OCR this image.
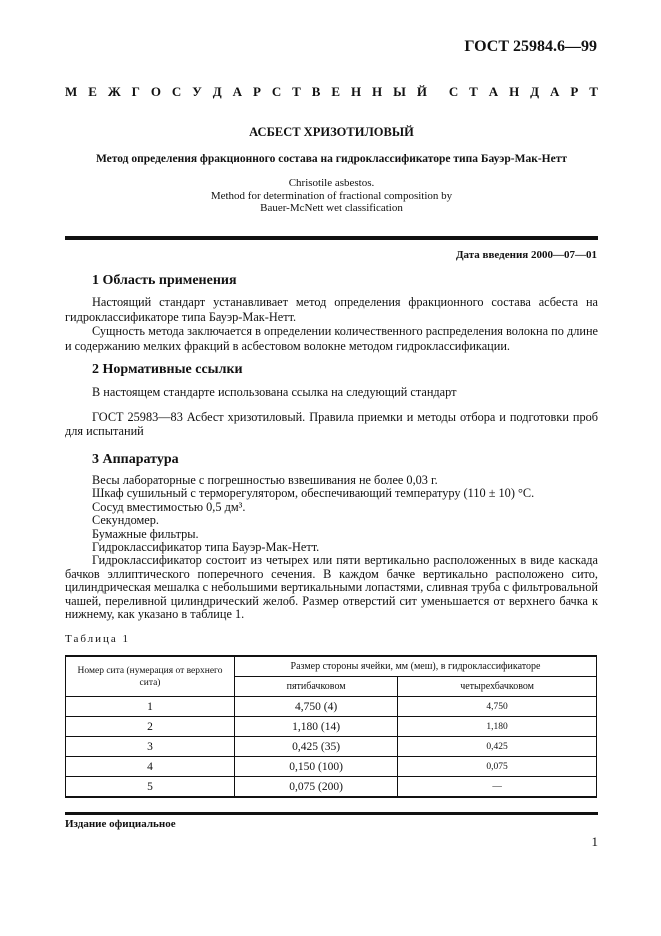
ГОСТ 25984.6—99
М Е Ж Г О С У Д А Р С Т В Е Н Н Ы Й С Т А Н Д А Р Т
АСБЕСТ ХРИЗОТИЛОВЫЙ
Метод определения фракционного состава на гидроклассификаторе типа Бауэр-Мак-Нетт
Chrisotile asbestos.
Method for determination of fractional composition by
Bauer-McNett wet classification
Дата введения 2000—07—01
1 Область применения
Настоящий стандарт устанавливает метод определения фракционного состава асбеста на гидроклассификаторе типа Бауэр-Мак-Нетт.
Сущность метода заключается в определении количественного распределения волокна по длине и содержанию мелких фракций в асбестовом волокне методом гидроклассификации.
2 Нормативные ссылки
В настоящем стандарте использована ссылка на следующий стандарт
ГОСТ 25983—83 Асбест хризотиловый. Правила приемки и методы отбора и подготовки проб для испытаний
3 Аппаратура
Весы лабораторные с погрешностью взвешивания не более 0,03 г.
Шкаф сушильный с терморегулятором, обеспечивающий температуру (110 ± 10) °С.
Сосуд вместимостью 0,5 дм³.
Секундомер.
Бумажные фильтры.
Гидроклассификатор типа Бауэр-Мак-Нетт.
Гидроклассификатор состоит из четырех или пяти вертикально расположенных в виде каскада бачков эллиптического поперечного сечения. В каждом бачке вертикально расположено сито, цилиндрическая мешалка с небольшими вертикальными лопастями, сливная труба с фильтровальной чашей, переливной цилиндрический желоб. Размер отверстий сит уменьшается от верхнего бачка к нижнему, как указано в таблице 1.
Таблица 1
Номер сита (нумерация от верхнего сита)	Размер стороны ячейки, мм (меш), в гидроклассификаторе	
	пятибачковом	четырехбачковом
1	4,750 (4)	4,750
2	1,180 (14)	1,180
3	0,425 (35)	0,425
4	0,150 (100)	0,075
5	0,075 (200)	—
Издание официальное
1
